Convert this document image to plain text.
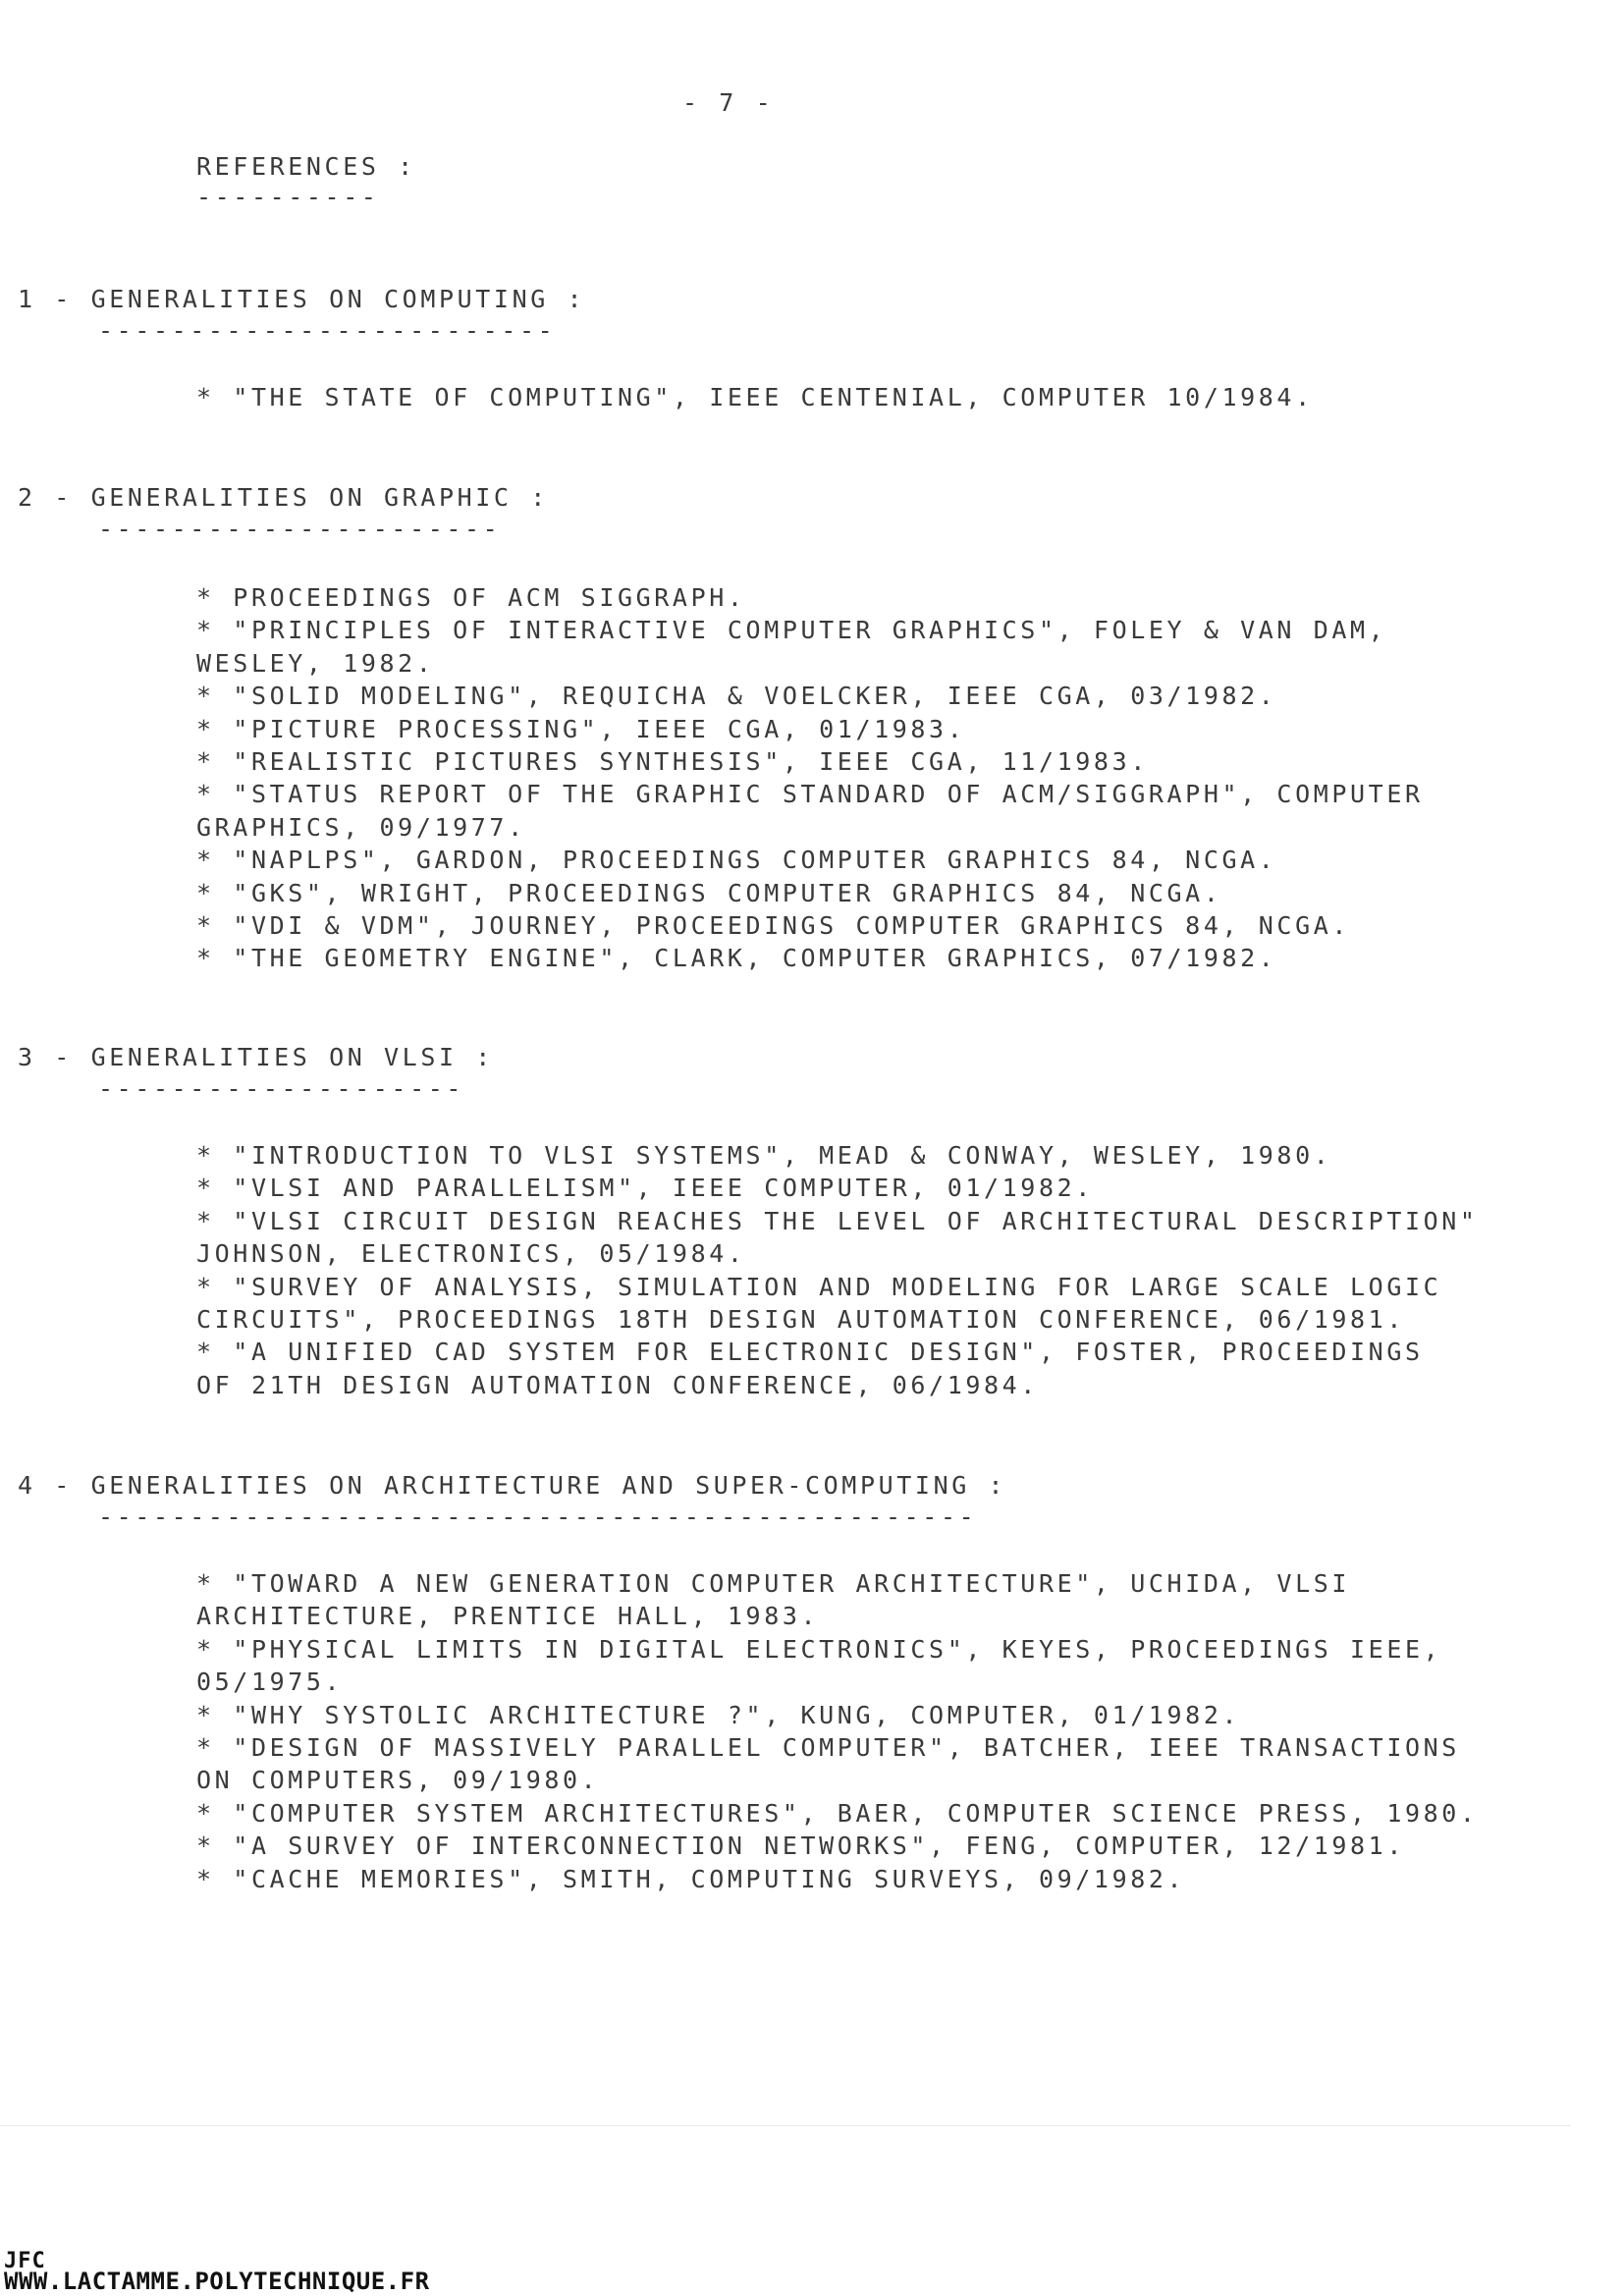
- 7 -
REFERENCES :
----------
1 - GENERALITIES ON COMPUTING :
-------------------------
* "THE STATE OF COMPUTING", IEEE CENTENIAL, COMPUTER 10/1984.
2 - GENERALITIES ON GRAPHIC :
----------------------
* PROCEEDINGS OF ACM SIGGRAPH.
* "PRINCIPLES OF INTERACTIVE COMPUTER GRAPHICS", FOLEY & VAN DAM,
WESLEY, 1982.
* "SOLID MODELING", REQUICHA & VOELCKER, IEEE CGA, 03/1982.
* "PICTURE PROCESSING", IEEE CGA, 01/1983.
* "REALISTIC PICTURES SYNTHESIS", IEEE CGA, 11/1983.
* "STATUS REPORT OF THE GRAPHIC STANDARD OF ACM/SIGGRAPH", COMPUTER
GRAPHICS, 09/1977.
* "NAPLPS", GARDON, PROCEEDINGS COMPUTER GRAPHICS 84, NCGA.
* "GKS", WRIGHT, PROCEEDINGS COMPUTER GRAPHICS 84, NCGA.
* "VDI & VDM", JOURNEY, PROCEEDINGS COMPUTER GRAPHICS 84, NCGA.
* "THE GEOMETRY ENGINE", CLARK, COMPUTER GRAPHICS, 07/1982.
3 - GENERALITIES ON VLSI :
--------------------
* "INTRODUCTION TO VLSI SYSTEMS", MEAD & CONWAY, WESLEY, 1980.
* "VLSI AND PARALLELISM", IEEE COMPUTER, 01/1982.
* "VLSI CIRCUIT DESIGN REACHES THE LEVEL OF ARCHITECTURAL DESCRIPTION"
JOHNSON, ELECTRONICS, 05/1984.
* "SURVEY OF ANALYSIS, SIMULATION AND MODELING FOR LARGE SCALE LOGIC
CIRCUITS", PROCEEDINGS 18TH DESIGN AUTOMATION CONFERENCE, 06/1981.
* "A UNIFIED CAD SYSTEM FOR ELECTRONIC DESIGN", FOSTER, PROCEEDINGS
OF 21TH DESIGN AUTOMATION CONFERENCE, 06/1984.
4 - GENERALITIES ON ARCHITECTURE AND SUPER-COMPUTING :
------------------------------------------------
* "TOWARD A NEW GENERATION COMPUTER ARCHITECTURE", UCHIDA, VLSI
ARCHITECTURE, PRENTICE HALL, 1983.
* "PHYSICAL LIMITS IN DIGITAL ELECTRONICS", KEYES, PROCEEDINGS IEEE,
05/1975.
* "WHY SYSTOLIC ARCHITECTURE ?", KUNG, COMPUTER, 01/1982.
* "DESIGN OF MASSIVELY PARALLEL COMPUTER", BATCHER, IEEE TRANSACTIONS
ON COMPUTERS, 09/1980.
* "COMPUTER SYSTEM ARCHITECTURES", BAER, COMPUTER SCIENCE PRESS, 1980.
* "A SURVEY OF INTERCONNECTION NETWORKS", FENG, COMPUTER, 12/1981.
* "CACHE MEMORIES", SMITH, COMPUTING SURVEYS, 09/1982.
JFC
WWW.LACTAMME.POLYTECHNIQUE.FR
